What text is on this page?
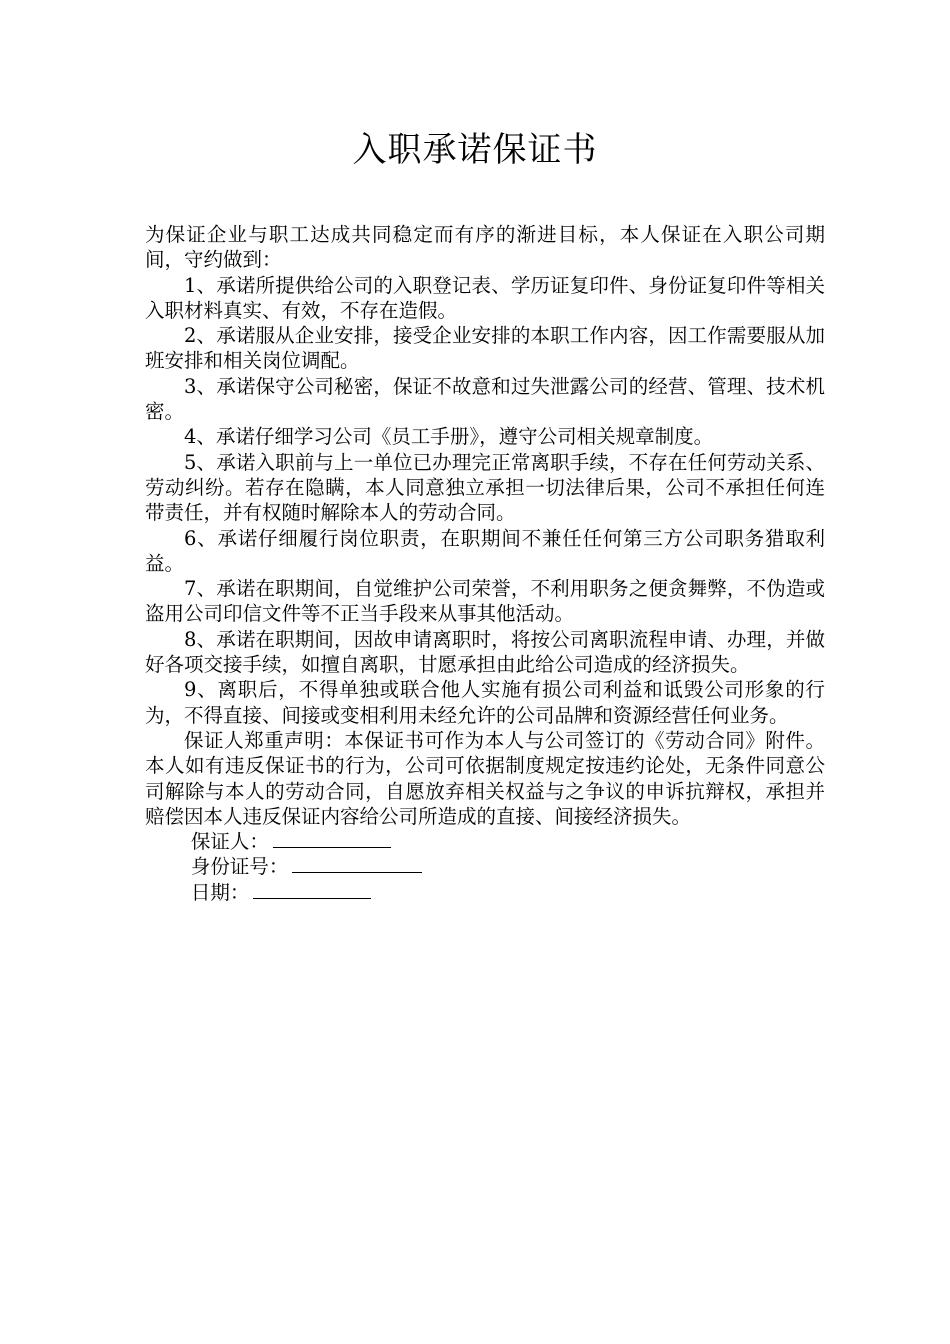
入职承诺保证书

为保证企业与职工达成共同稳定而有序的渐进目标，本人保证在入职公司期间，守约做到：

1、承诺所提供给公司的入职登记表、学历证复印件、身份证复印件等相关入职材料真实、有效，不存在造假。

2、承诺服从企业安排，接受企业安排的本职工作内容，因工作需要服从加班安排和相关岗位调配。

3、承诺保守公司秘密，保证不故意和过失泄露公司的经营、管理、技术机密。

4、承诺仔细学习公司《员工手册》，遵守公司相关规章制度。

5、承诺入职前与上一单位已办理完正常离职手续，不存在任何劳动关系、劳动纠纷。若存在隐瞒，本人同意独立承担一切法律后果，公司不承担任何连带责任，并有权随时解除本人的劳动合同。

6、承诺仔细履行岗位职责，在职期间不兼任任何第三方公司职务猎取利益。

7、承诺在职期间，自觉维护公司荣誉，不利用职务之便贪舞弊，不伪造或盗用公司印信文件等不正当手段来从事其他活动。

8、承诺在职期间，因故申请离职时，将按公司离职流程申请、办理，并做好各项交接手续，如擅自离职，甘愿承担由此给公司造成的经济损失。

9、离职后，不得单独或联合他人实施有损公司利益和诋毁公司形象的行为，不得直接、间接或变相利用未经允许的公司品牌和资源经营任何业务。

保证人郑重声明：本保证书可作为本人与公司签订的《劳动合同》附件。本人如有违反保证书的行为，公司可依据制度规定按违约论处，无条件同意公司解除与本人的劳动合同，自愿放弃相关权益与之争议的申诉抗辩权，承担并赔偿因本人违反保证内容给公司所造成的直接、间接经济损失。

保证人：

身份证号：

日期：
